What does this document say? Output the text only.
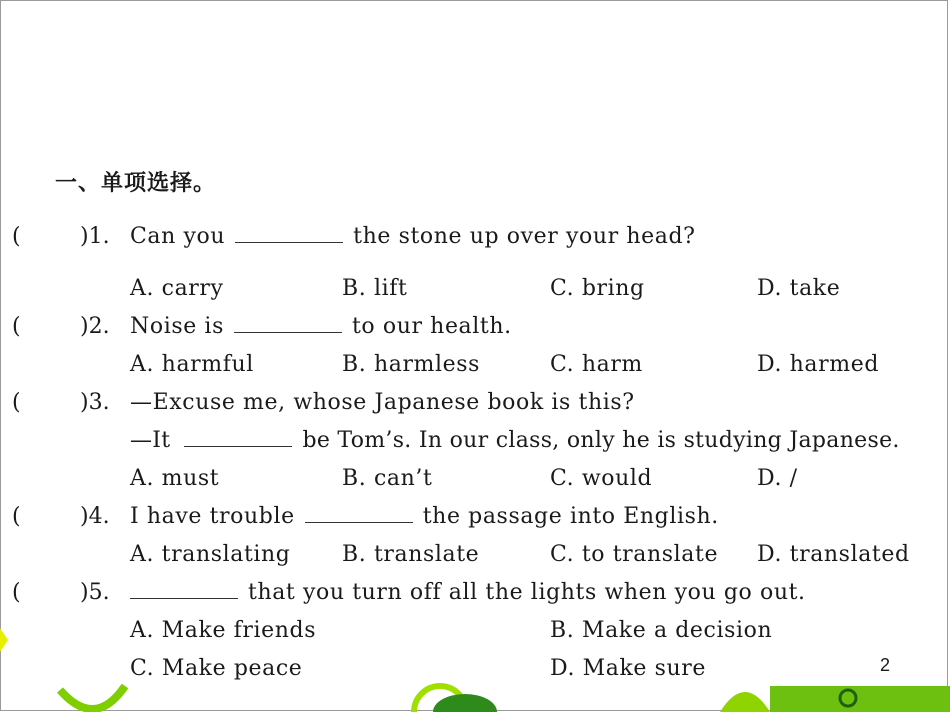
一、单项选择。
(	)1. Can you	the stone up over your head?
A. carry	B. lift	C. bring	D. take
(	)2. Noise is	to our health.
A. harmful	B. harmless	C. harm	D. harmed
(	)3. —Excuse me, whose Japanese book is this?
—It	be Tom’s. In our class, only he is studying Japanese.
A. must	B. can’t	C. would	D. /
(	)4. I have trouble	the passage into English.
A. translating B. translate	C. to translate D. translated
(	)5.	that you turn off all the lights when you go out.
A. Make friends	B. Make a decision
C. Make peace	D. Make sure	2
